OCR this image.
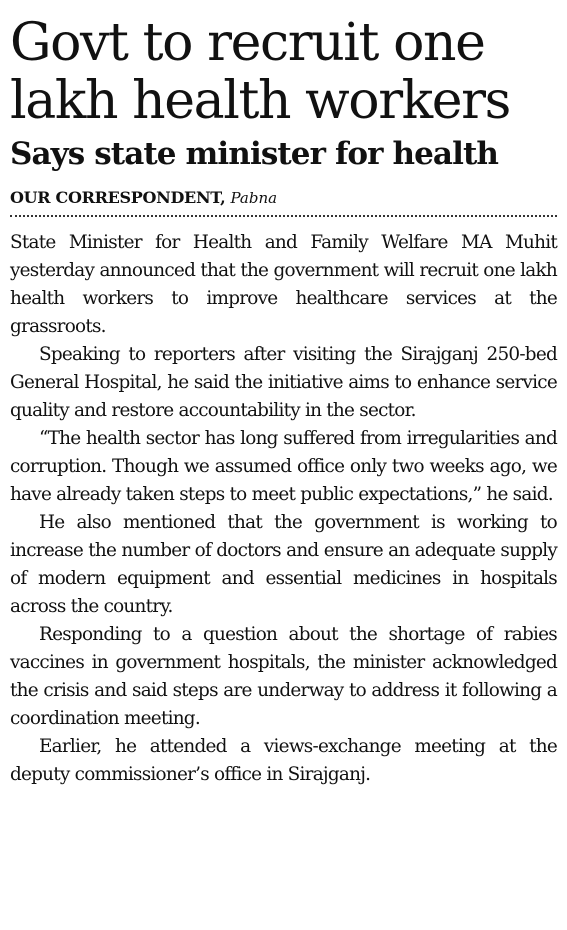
Govt to recruit one lakh health workers
Says state minister for health
OUR CORRESPONDENT, Pabna

State Minister for Health and Family Welfare MA Muhit yesterday announced that the government will recruit one lakh health workers to improve healthcare services at the grassroots.

Speaking to reporters after visiting the Sirajganj 250-bed General Hospital, he said the initiative aims to enhance service quality and restore accountability in the sector.

“The health sector has long suffered from irregularities and corruption. Though we assumed office only two weeks ago, we have already taken steps to meet public expectations,” he said.

He also mentioned that the government is working to increase the number of doctors and ensure an adequate supply of modern equipment and essential medicines in hospitals across the country.

Responding to a question about the shortage of rabies vaccines in government hospitals, the minister acknowledged the crisis and said steps are underway to address it following a coordination meeting.

Earlier, he attended a views-exchange meeting at the deputy commissioner’s office in Sirajganj.
